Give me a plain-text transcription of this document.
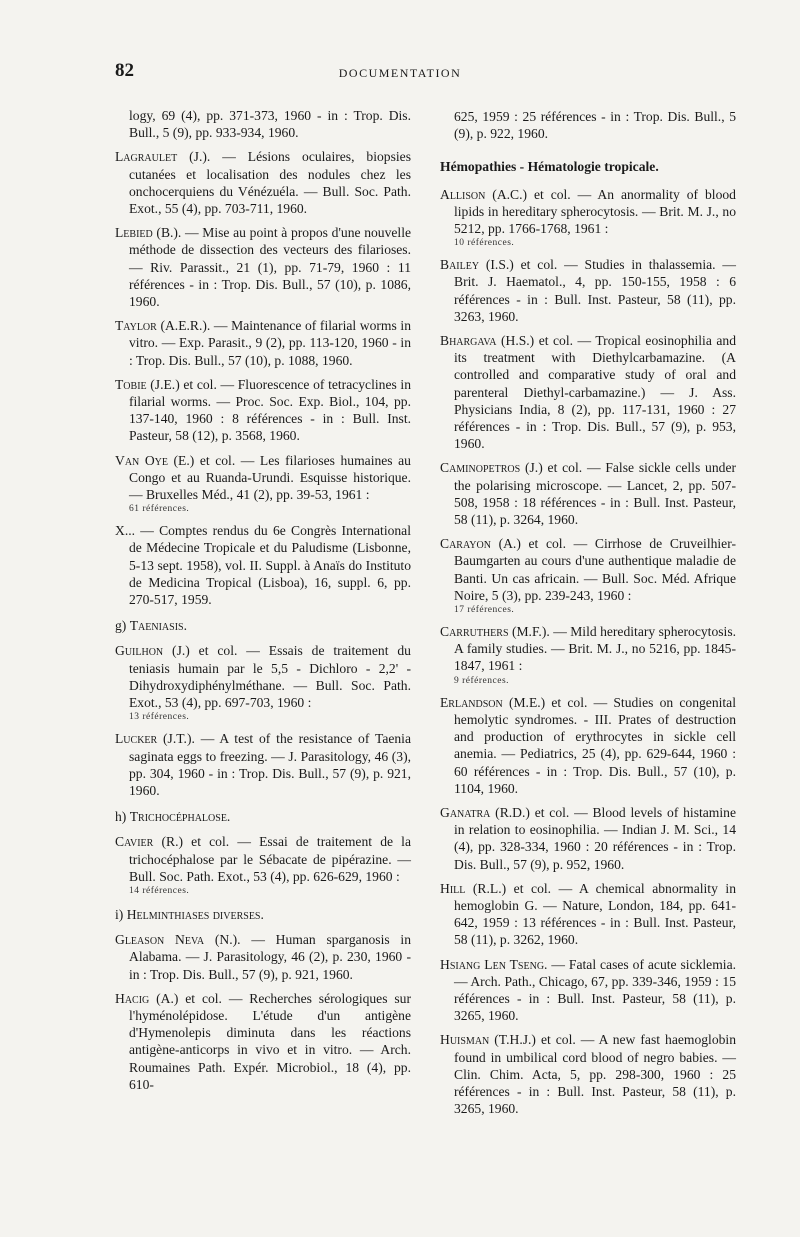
82	DOCUMENTATION

logy, 69 (4), pp. 371-373, 1960 - in : Trop. Dis. Bull., 5 (9), pp. 933-934, 1960.

Lagraulet (J.). — Lésions oculaires, biopsies cutanées et localisation des nodules chez les onchocerquiens du Vénézuéla. — Bull. Soc. Path. Exot., 55 (4), pp. 703-711, 1960.

Lebied (B.). — Mise au point à propos d'une nouvelle méthode de dissection des vecteurs des filarioses. — Riv. Parassit., 21 (1), pp. 71-79, 1960 : 11 références - in : Trop. Dis. Bull., 57 (10), p. 1086, 1960.

Taylor (A.E.R.). — Maintenance of filarial worms in vitro. — Exp. Parasit., 9 (2), pp. 113-120, 1960 - in : Trop. Dis. Bull., 57 (10), p. 1088, 1960.

Tobie (J.E.) et col. — Fluorescence of tetracyclines in filarial worms. — Proc. Soc. Exp. Biol., 104, pp. 137-140, 1960 : 8 références - in : Bull. Inst. Pasteur, 58 (12), p. 3568, 1960.

Van Oye (E.) et col. — Les filarioses humaines au Congo et au Ruanda-Urundi. Esquisse historique. — Bruxelles Méd., 41 (2), pp. 39-53, 1961 :
61 références.

X... — Comptes rendus du 6e Congrès International de Médecine Tropicale et du Paludisme (Lisbonne, 5-13 sept. 1958), vol. II. Suppl. à Anaïs do Instituto de Medicina Tropical (Lisboa), 16, suppl. 6, pp. 270-517, 1959.

g) Taeniasis.

Guilhon (J.) et col. — Essais de traitement du teniasis humain par le 5,5 - Dichloro - 2,2' - Dihydroxydiphénylméthane. — Bull. Soc. Path. Exot., 53 (4), pp. 697-703, 1960 :
13 références.

Lucker (J.T.). — A test of the resistance of Taenia saginata eggs to freezing. — J. Parasitology, 46 (3), pp. 304, 1960 - in : Trop. Dis. Bull., 57 (9), p. 921, 1960.

h) Trichocéphalose.

Cavier (R.) et col. — Essai de traitement de la trichocéphalose par le Sébacate de pipérazine. — Bull. Soc. Path. Exot., 53 (4), pp. 626-629, 1960 :
14 références.

i) Helminthiases diverses.

Gleason Neva (N.). — Human sparganosis in Alabama. — J. Parasitology, 46 (2), p. 230, 1960 - in : Trop. Dis. Bull., 57 (9), p. 921, 1960.

Hacig (A.) et col. — Recherches sérologiques sur l'hyménolépidose. L'étude d'un antigène d'Hymenolepis diminuta dans les réactions antigène-anticorps in vivo et in vitro. — Arch. Roumaines Path. Expér. Microbiol., 18 (4), pp. 610-

625, 1959 : 25 références - in : Trop. Dis. Bull., 5 (9), p. 922, 1960.

Hémopathies - Hématologie tropicale.

Allison (A.C.) et col. — An anormality of blood lipids in hereditary spherocytosis. — Brit. M. J., no 5212, pp. 1766-1768, 1961 :
10 références.

Bailey (I.S.) et col. — Studies in thalassemia. — Brit. J. Haematol., 4, pp. 150-155, 1958 : 6 références - in : Bull. Inst. Pasteur, 58 (11), pp. 3263, 1960.

Bhargava (H.S.) et col. — Tropical eosinophilia and its treatment with Diethylcarbamazine. (A controlled and comparative study of oral and parenteral Diethyl-carbamazine.) — J. Ass. Physicians India, 8 (2), pp. 117-131, 1960 : 27 références - in : Trop. Dis. Bull., 57 (9), p. 953, 1960.

Caminopetros (J.) et col. — False sickle cells under the polarising microscope. — Lancet, 2, pp. 507-508, 1958 : 18 références - in : Bull. Inst. Pasteur, 58 (11), p. 3264, 1960.

Carayon (A.) et col. — Cirrhose de Cruveilhier-Baumgarten au cours d'une authentique maladie de Banti. Un cas africain. — Bull. Soc. Méd. Afrique Noire, 5 (3), pp. 239-243, 1960 :
17 références.

Carruthers (M.F.). — Mild hereditary spherocytosis. A family studies. — Brit. M. J., no 5216, pp. 1845-1847, 1961 :
9 références.

Erlandson (M.E.) et col. — Studies on congenital hemolytic syndromes. - III. Prates of destruction and production of erythrocytes in sickle cell anemia. — Pediatrics, 25 (4), pp. 629-644, 1960 : 60 références - in : Trop. Dis. Bull., 57 (10), p. 1104, 1960.

Ganatra (R.D.) et col. — Blood levels of histamine in relation to eosinophilia. — Indian J. M. Sci., 14 (4), pp. 328-334, 1960 : 20 références - in : Trop. Dis. Bull., 57 (9), p. 952, 1960.

Hill (R.L.) et col. — A chemical abnormality in hemoglobin G. — Nature, London, 184, pp. 641-642, 1959 : 13 références - in : Bull. Inst. Pasteur, 58 (11), p. 3262, 1960.

Hsiang Len Tseng. — Fatal cases of acute sicklemia. — Arch. Path., Chicago, 67, pp. 339-346, 1959 : 15 références - in : Bull. Inst. Pasteur, 58 (11), p. 3265, 1960.

Huisman (T.H.J.) et col. — A new fast haemoglobin found in umbilical cord blood of negro babies. — Clin. Chim. Acta, 5, pp. 298-300, 1960 : 25 références - in : Bull. Inst. Pasteur, 58 (11), p. 3265, 1960.
